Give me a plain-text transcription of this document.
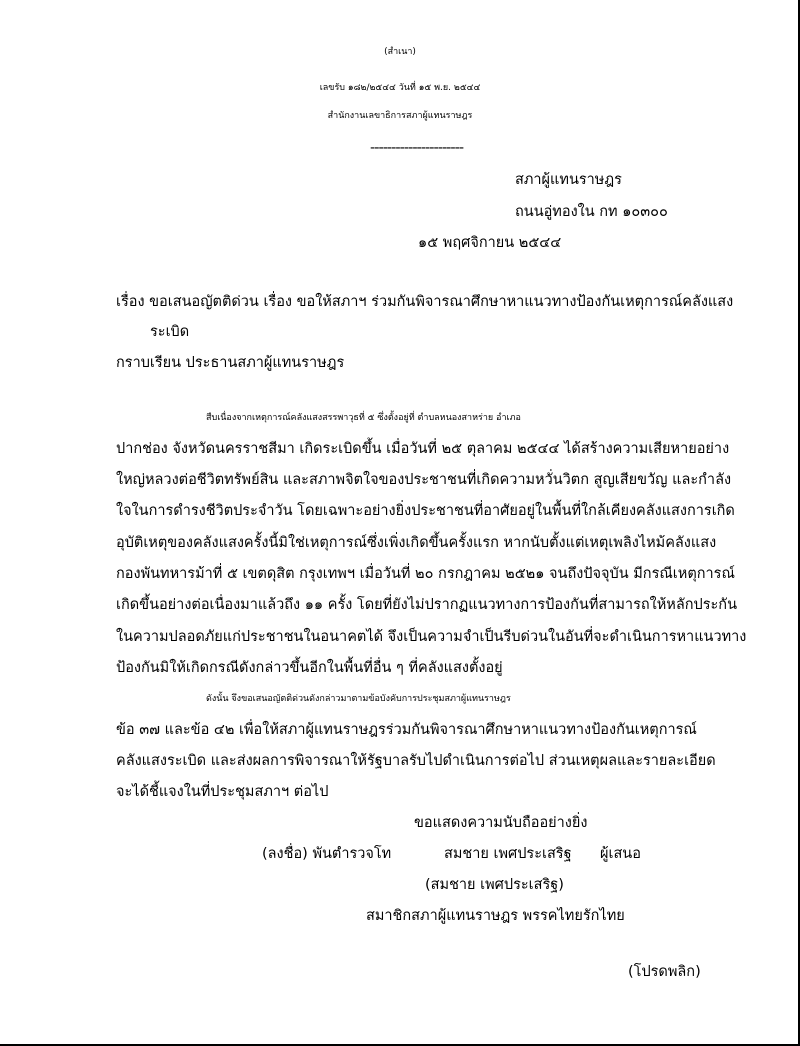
(สำเนา)
เลขรับ ๑๘๒/๒๕๔๔ วันที่ ๑๕ พ.ย. ๒๕๔๔
สำนักงานเลขาธิการสภาผู้แทนราษฎร
----------------------
สภาผู้แทนราษฎร
ถนนอู่ทองใน กท ๑๐๓๐๐
๑๕ พฤศจิกายน ๒๕๔๔
เรื่อง ขอเสนอญัตติด่วน เรื่อง ขอให้สภาฯ ร่วมกันพิจารณาศึกษาหาแนวทางป้องกันเหตุการณ์คลังแสง
ระเบิด
กราบเรียน ประธานสภาผู้แทนราษฎร
สืบเนื่องจากเหตุการณ์คลังแสงสรรพาวุธที่ ๕ ซึ่งตั้งอยู่ที่ ตำบลหนองสาหร่าย อำเภอ
ปากช่อง จังหวัดนครราชสีมา เกิดระเบิดขึ้น เมื่อวันที่ ๒๕ ตุลาคม ๒๕๔๔ ได้สร้างความเสียหายอย่าง
ใหญ่หลวงต่อชีวิตทรัพย์สิน และสภาพจิตใจของประชาชนที่เกิดความหวั่นวิตก สูญเสียขวัญ และกำลัง
ใจในการดำรงชีวิตประจำวัน โดยเฉพาะอย่างยิ่งประชาชนที่อาศัยอยู่ในพื้นที่ใกล้เคียงคลังแสงการเกิด
อุบัติเหตุของคลังแสงครั้งนี้มิใช่เหตุการณ์ซึ่งเพิ่งเกิดขึ้นครั้งแรก หากนับตั้งแต่เหตุเพลิงไหม้คลังแสง
กองพันทหารม้าที่ ๕ เขตดุสิต กรุงเทพฯ เมื่อวันที่ ๒๐ กรกฎาคม ๒๕๒๑ จนถึงปัจจุบัน มีกรณีเหตุการณ์
เกิดขึ้นอย่างต่อเนื่องมาแล้วถึง ๑๑ ครั้ง โดยที่ยังไม่ปรากฏแนวทางการป้องกันที่สามารถให้หลักประกัน
ในความปลอดภัยแก่ประชาชนในอนาคตได้ จึงเป็นความจำเป็นรีบด่วนในอันที่จะดำเนินการหาแนวทาง
ป้องกันมิให้เกิดกรณีดังกล่าวขึ้นอีกในพื้นที่อื่น ๆ ที่คลังแสงตั้งอยู่
ดังนั้น จึงขอเสนอญัตติด่วนดังกล่าวมาตามข้อบังคับการประชุมสภาผู้แทนราษฎร
ข้อ ๓๗ และข้อ ๔๒ เพื่อให้สภาผู้แทนราษฎรร่วมกันพิจารณาศึกษาหาแนวทางป้องกันเหตุการณ์
คลังแสงระเบิด และส่งผลการพิจารณาให้รัฐบาลรับไปดำเนินการต่อไป ส่วนเหตุผลและรายละเอียด
จะได้ชี้แจงในที่ประชุมสภาฯ ต่อไป
ขอแสดงความนับถืออย่างยิ่ง
(ลงชื่อ) พันตำรวจโท	สมชาย เพศประเสริฐ ผู้เสนอ
(สมชาย เพศประเสริฐ)
สมาชิกสภาผู้แทนราษฎร พรรคไทยรักไทย
(โปรดพลิก)
